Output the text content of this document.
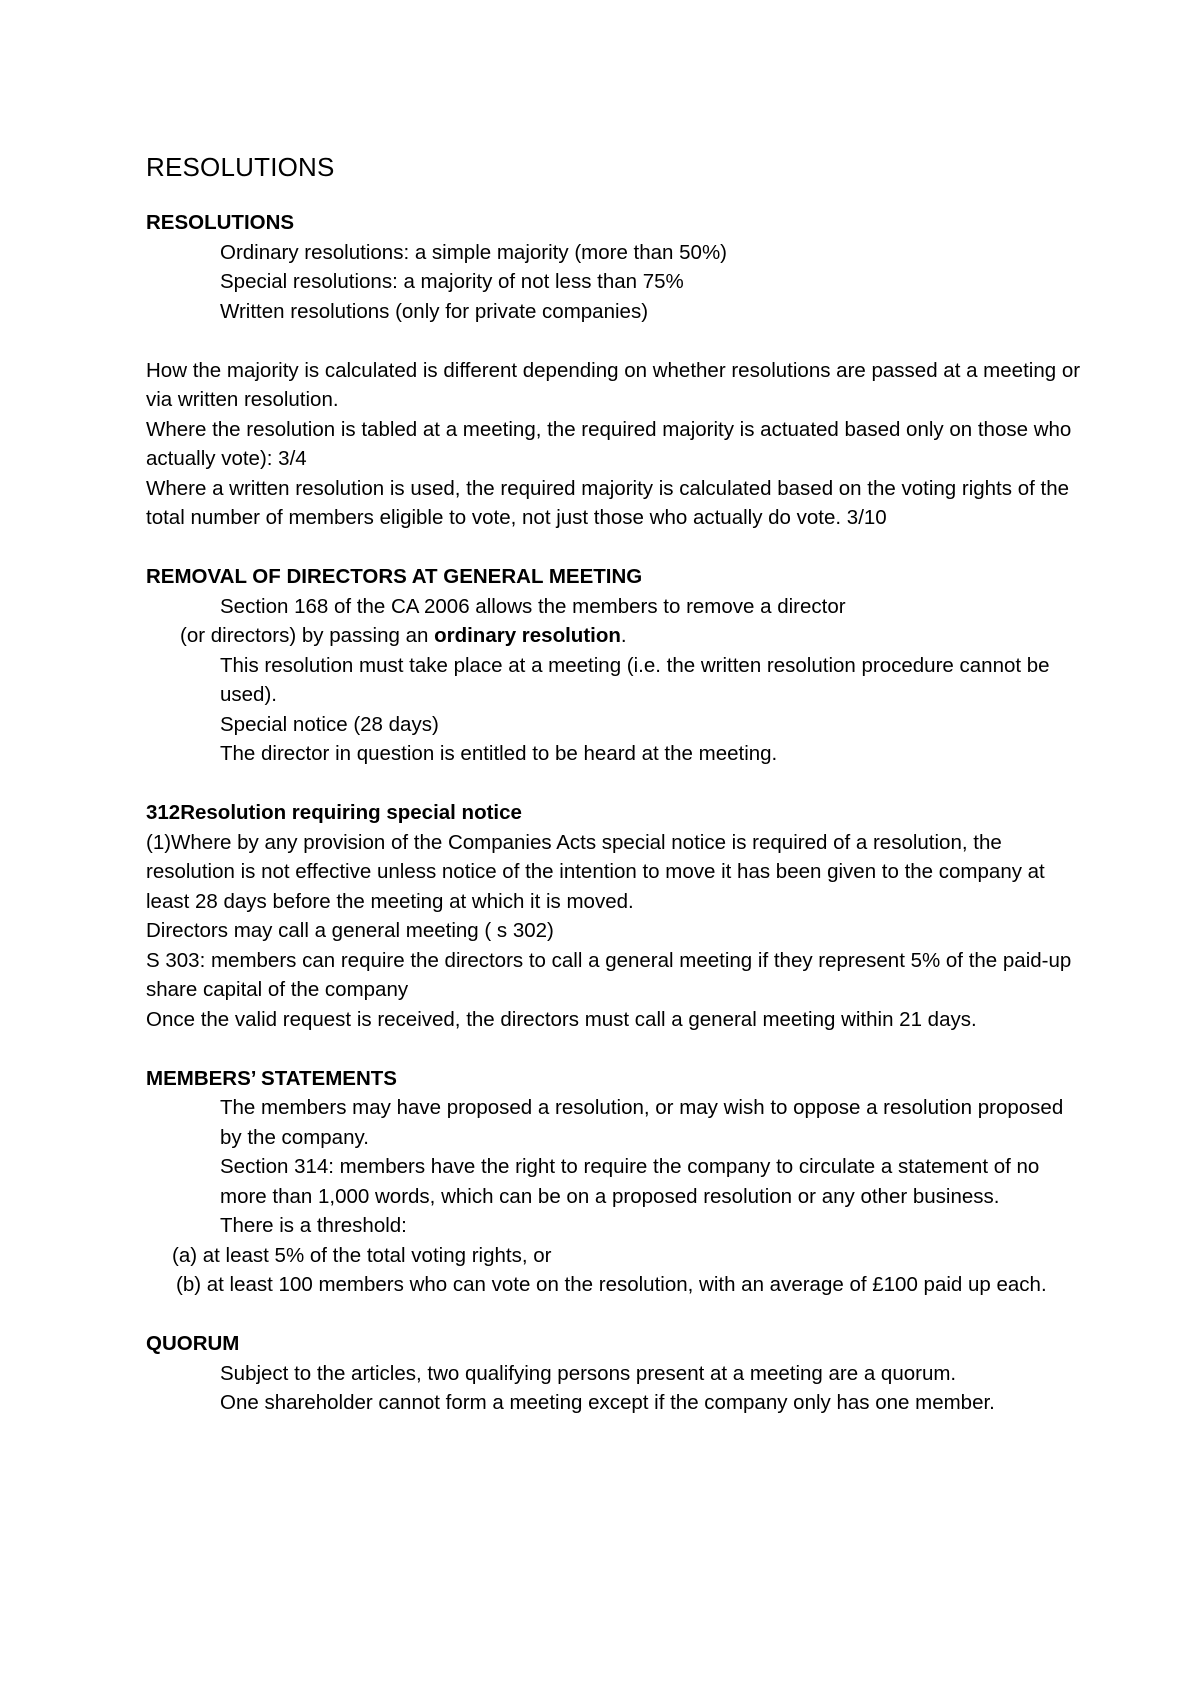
RESOLUTIONS
RESOLUTIONS
Ordinary resolutions: a simple majority (more than 50%)
Special resolutions: a majority of not less than 75%
Written resolutions (only for private companies)

How the majority is calculated is different depending on whether resolutions are passed at a meeting or via written resolution.

Where the resolution is tabled at a meeting, the required majority is actuated based only on those who actually vote): 3/4

Where a written resolution is used, the required majority is calculated based on the voting rights of the total number of members eligible to vote, not just those who actually do vote. 3/10

REMOVAL OF DIRECTORS AT GENERAL MEETING
Section 168 of the CA 2006 allows the members to remove a director

(or directors) by passing an ordinary resolution.

This resolution must take place at a meeting (i.e. the written resolution procedure cannot be used).
Special notice (28 days)
The director in question is entitled to be heard at the meeting.
312Resolution requiring special notice

(1)Where by any provision of the Companies Acts special notice is required of a resolution, the resolution is not effective unless notice of the intention to move it has been given to the company at least 28 days before the meeting at which it is moved.

Directors may call a general meeting ( s 302)

S 303: members can require the directors to call a general meeting if they represent 5% of the paid-up share capital of the company

Once the valid request is received, the directors must call a general meeting within 21 days.

MEMBERS’ STATEMENTS
The members may have proposed a resolution, or may wish to oppose a resolution proposed by the company.
Section 314: members have the right to require the company to circulate a statement of no more than 1,000 words, which can be on a proposed resolution or any other business.
There is a threshold:

(a) at least 5% of the total voting rights, or

(b) at least 100 members who can vote on the resolution, with an average of £100 paid up each.

QUORUM
Subject to the articles, two qualifying persons present at a meeting are a quorum.
One shareholder cannot form a meeting except if the company only has one member.
